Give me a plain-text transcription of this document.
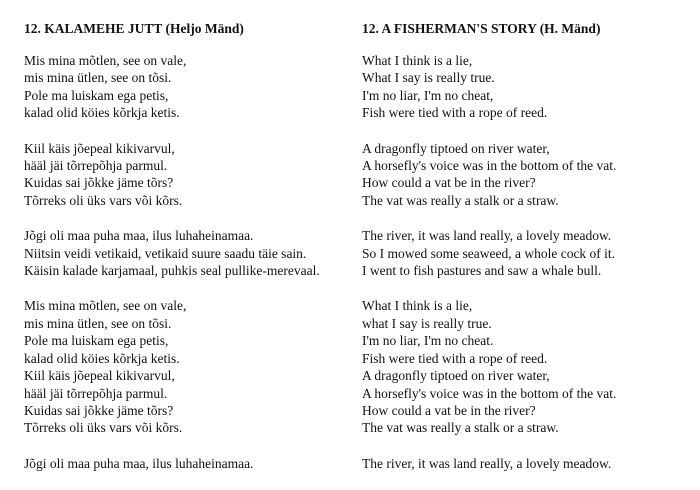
12. KALAMEHE JUTT (Heljo Mänd)
Mis mina mõtlen, see on vale,
mis mina ütlen, see on tõsi.
Pole ma luiskam ega petis,
kalad olid köies kõrkja ketis.
Kiil käis jõepeal kikivarvul,
hääl jäi tõrrepõhja parmul.
Kuidas sai jõkke jäme tõrs?
Tõrreks oli üks vars või kõrs.
Jõgi oli maa puha maa, ilus luhaheinamaa.
Niitsin veidi vetikaid, vetikaid suure saadu täie sain.
Käisin kalade karjamaal, puhkis seal pullike-merevaal.
Mis mina mõtlen, see on vale,
mis mina ütlen, see on tõsi.
Pole ma luiskam ega petis,
kalad olid köies kõrkja ketis.
Kiil käis jõepeal kikivarvul,
hääl jäi tõrrepõhja parmul.
Kuidas sai jõkke jäme tõrs?
Tõrreks oli üks vars või kõrs.
Jõgi oli maa puha maa, ilus luhaheinamaa.
12. A FISHERMAN'S STORY (H. Mänd)
What I think is a lie,
What I say is really true.
I'm no liar, I'm no cheat,
Fish were tied with a rope of reed.
A dragonfly tiptoed on river water,
A horsefly's voice was in the bottom of the vat.
How could a vat be in the river?
The vat was really a stalk or a straw.
The river, it was land really, a lovely meadow.
So I mowed some seaweed, a whole cock of it.
I went to fish pastures and saw a whale bull.
What I think is a lie,
what I say is really true.
I'm no liar, I'm no cheat.
Fish were tied with a rope of reed.
A dragonfly tiptoed on river water,
A horsefly's voice was in the bottom of the vat.
How could a vat be in the river?
The vat was really a stalk or a straw.
The river, it was land really, a lovely meadow.
